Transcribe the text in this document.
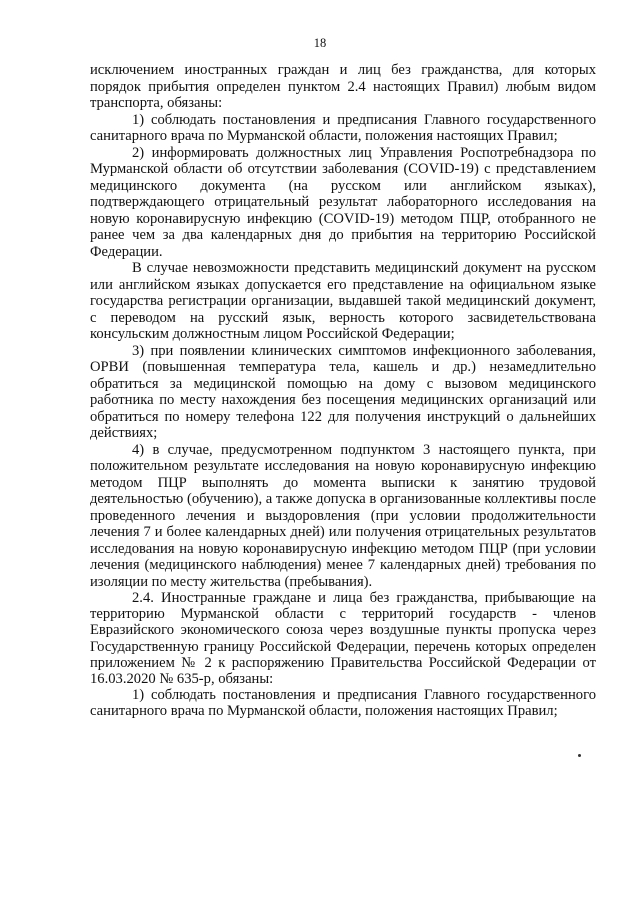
18

исключением иностранных граждан и лиц без гражданства, для которых порядок прибытия определен пунктом 2.4 настоящих Правил) любым видом транспорта, обязаны:

1) соблюдать постановления и предписания Главного государственного санитарного врача по Мурманской области, положения настоящих Правил;

2) информировать должностных лиц Управления Роспотребнадзора по Мурманской области об отсутствии заболевания (COVID-19) с представлением медицинского документа (на русском или английском языках), подтверждающего отрицательный результат лабораторного исследования на новую коронавирусную инфекцию (COVID-19) методом ПЦР, отобранного не ранее чем за два календарных дня до прибытия на территорию Российской Федерации.

В случае невозможности представить медицинский документ на русском или английском языках допускается его представление на официальном языке государства регистрации организации, выдавшей такой медицинский документ, с переводом на русский язык, верность которого засвидетельствована консульским должностным лицом Российской Федерации;

3) при появлении клинических симптомов инфекционного заболевания, ОРВИ (повышенная температура тела, кашель и др.) незамедлительно обратиться за медицинской помощью на дому с вызовом медицинского работника по месту нахождения без посещения медицинских организаций или обратиться по номеру телефона 122 для получения инструкций о дальнейших действиях;

4) в случае, предусмотренном подпунктом 3 настоящего пункта, при положительном результате исследования на новую коронавирусную инфекцию методом ПЦР выполнять до момента выписки к занятию трудовой деятельностью (обучению), а также допуска в организованные коллективы после проведенного лечения и выздоровления (при условии продолжительности лечения 7 и более календарных дней) или получения отрицательных результатов исследования на новую коронавирусную инфекцию методом ПЦР (при условии лечения (медицинского наблюдения) менее 7 календарных дней) требования по изоляции по месту жительства (пребывания).

2.4. Иностранные граждане и лица без гражданства, прибывающие на территорию Мурманской области с территорий государств - членов Евразийского экономического союза через воздушные пункты пропуска через Государственную границу Российской Федерации, перечень которых определен приложением № 2 к распоряжению Правительства Российской Федерации от 16.03.2020 № 635-р, обязаны:

1) соблюдать постановления и предписания Главного государственного санитарного врача по Мурманской области, положения настоящих Правил;
